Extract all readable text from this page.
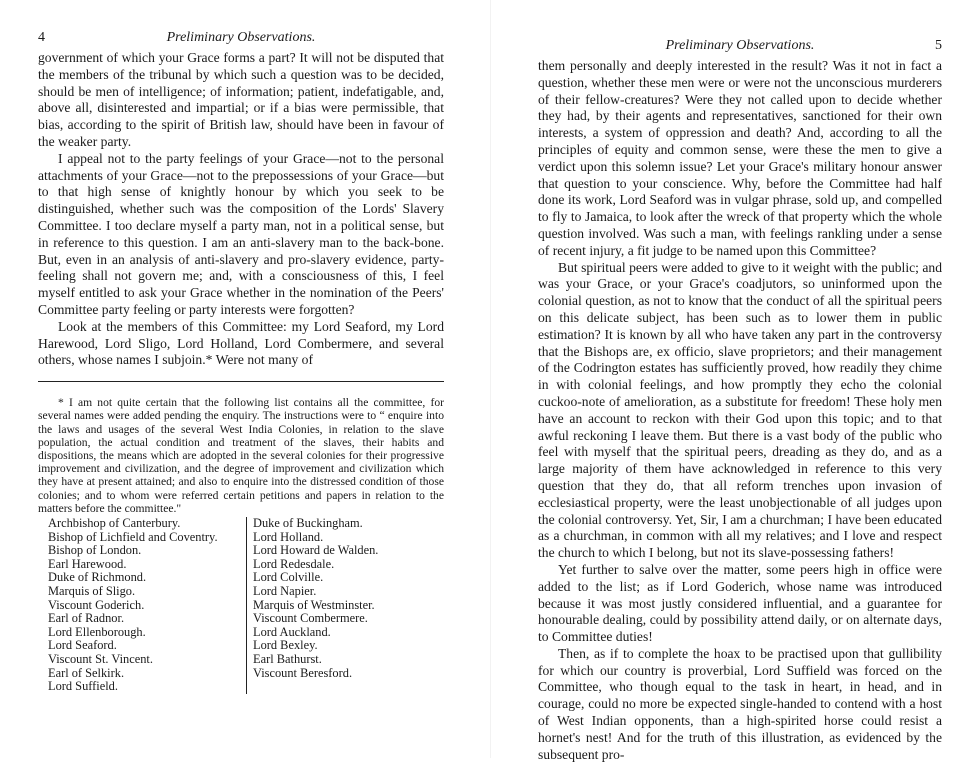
4	Preliminary Observations.

government of which your Grace forms a part? It will not be disputed that the members of the tribunal by which such a question was to be decided, should be men of intelligence; of information; patient, indefatigable, and, above all, disinterested and impartial; or if a bias were permissible, that bias, according to the spirit of British law, should have been in favour of the weaker party.

I appeal not to the party feelings of your Grace—not to the personal attachments of your Grace—not to the prepossessions of your Grace—but to that high sense of knightly honour by which you seek to be distinguished, whether such was the composition of the Lords' Slavery Committee. I too declare myself a party man, not in a political sense, but in reference to this question. I am an anti-slavery man to the back-bone. But, even in an analysis of anti-slavery and pro-slavery evidence, party-feeling shall not govern me; and, with a consciousness of this, I feel myself entitled to ask your Grace whether in the nomination of the Peers' Committee party feeling or party interests were forgotten?

Look at the members of this Committee: my Lord Seaford, my Lord Harewood, Lord Sligo, Lord Holland, Lord Combermere, and several others, whose names I subjoin.* Were not many of

* I am not quite certain that the following list contains all the committee, for several names were added pending the enquiry. The instructions were to “ enquire into the laws and usages of the several West India Colonies, in relation to the slave population, the actual condition and treatment of the slaves, their habits and dispositions, the means which are adopted in the several colonies for their progressive improvement and civilization, and the degree of improvement and civilization which they have at present attained; and also to enquire into the distressed condition of those colonies; and to whom were referred certain petitions and papers in relation to the matters before the committee."

Archbishop of Canterbury.
Bishop of Lichfield and Coventry.
Bishop of London.
Earl Harewood.
Duke of Richmond.
Marquis of Sligo.
Viscount Goderich.
Earl of Radnor.
Lord Ellenborough.
Lord Seaford.
Viscount St. Vincent.
Earl of Selkirk.
Lord Suffield.
Duke of Buckingham.
Lord Holland.
Lord Howard de Walden.
Lord Redesdale.
Lord Colville.
Lord Napier.
Marquis of Westminster.
Viscount Combermere.
Lord Auckland.
Lord Bexley.
Earl Bathurst.
Viscount Beresford.
Preliminary Observations.	5

them personally and deeply interested in the result? Was it not in fact a question, whether these men were or were not the unconscious murderers of their fellow-creatures? Were they not called upon to decide whether they had, by their agents and representatives, sanctioned for their own interests, a system of oppression and death? And, according to all the principles of equity and common sense, were these the men to give a verdict upon this solemn issue? Let your Grace's military honour answer that question to your conscience. Why, before the Committee had half done its work, Lord Seaford was in vulgar phrase, sold up, and compelled to fly to Jamaica, to look after the wreck of that property which the whole question involved. Was such a man, with feelings rankling under a sense of recent injury, a fit judge to be named upon this Committee?

But spiritual peers were added to give to it weight with the public; and was your Grace, or your Grace's coadjutors, so uninformed upon the colonial question, as not to know that the conduct of all the spiritual peers on this delicate subject, has been such as to lower them in public estimation? It is known by all who have taken any part in the controversy that the Bishops are, ex officio, slave proprietors; and their management of the Codrington estates has sufficiently proved, how readily they chime in with colonial feelings, and how promptly they echo the colonial cuckoo-note of amelioration, as a substitute for freedom! These holy men have an account to reckon with their God upon this topic; and to that awful reckoning I leave them. But there is a vast body of the public who feel with myself that the spiritual peers, dreading as they do, and as a large majority of them have acknowledged in reference to this very question that they do, that all reform trenches upon invasion of ecclesiastical property, were the least unobjectionable of all judges upon the colonial controversy. Yet, Sir, I am a churchman; I have been educated as a churchman, in common with all my relatives; and I love and respect the church to which I belong, but not its slave-possessing fathers!

Yet further to salve over the matter, some peers high in office were added to the list; as if Lord Goderich, whose name was introduced because it was most justly considered influential, and a guarantee for honourable dealing, could by possibility attend daily, or on alternate days, to Committee duties!

Then, as if to complete the hoax to be practised upon that gullibility for which our country is proverbial, Lord Suffield was forced on the Committee, who though equal to the task in heart, in head, and in courage, could no more be expected single-handed to contend with a host of West Indian opponents, than a high-spirited horse could resist a hornet's nest! And for the truth of this illustration, as evidenced by the subsequent pro-
